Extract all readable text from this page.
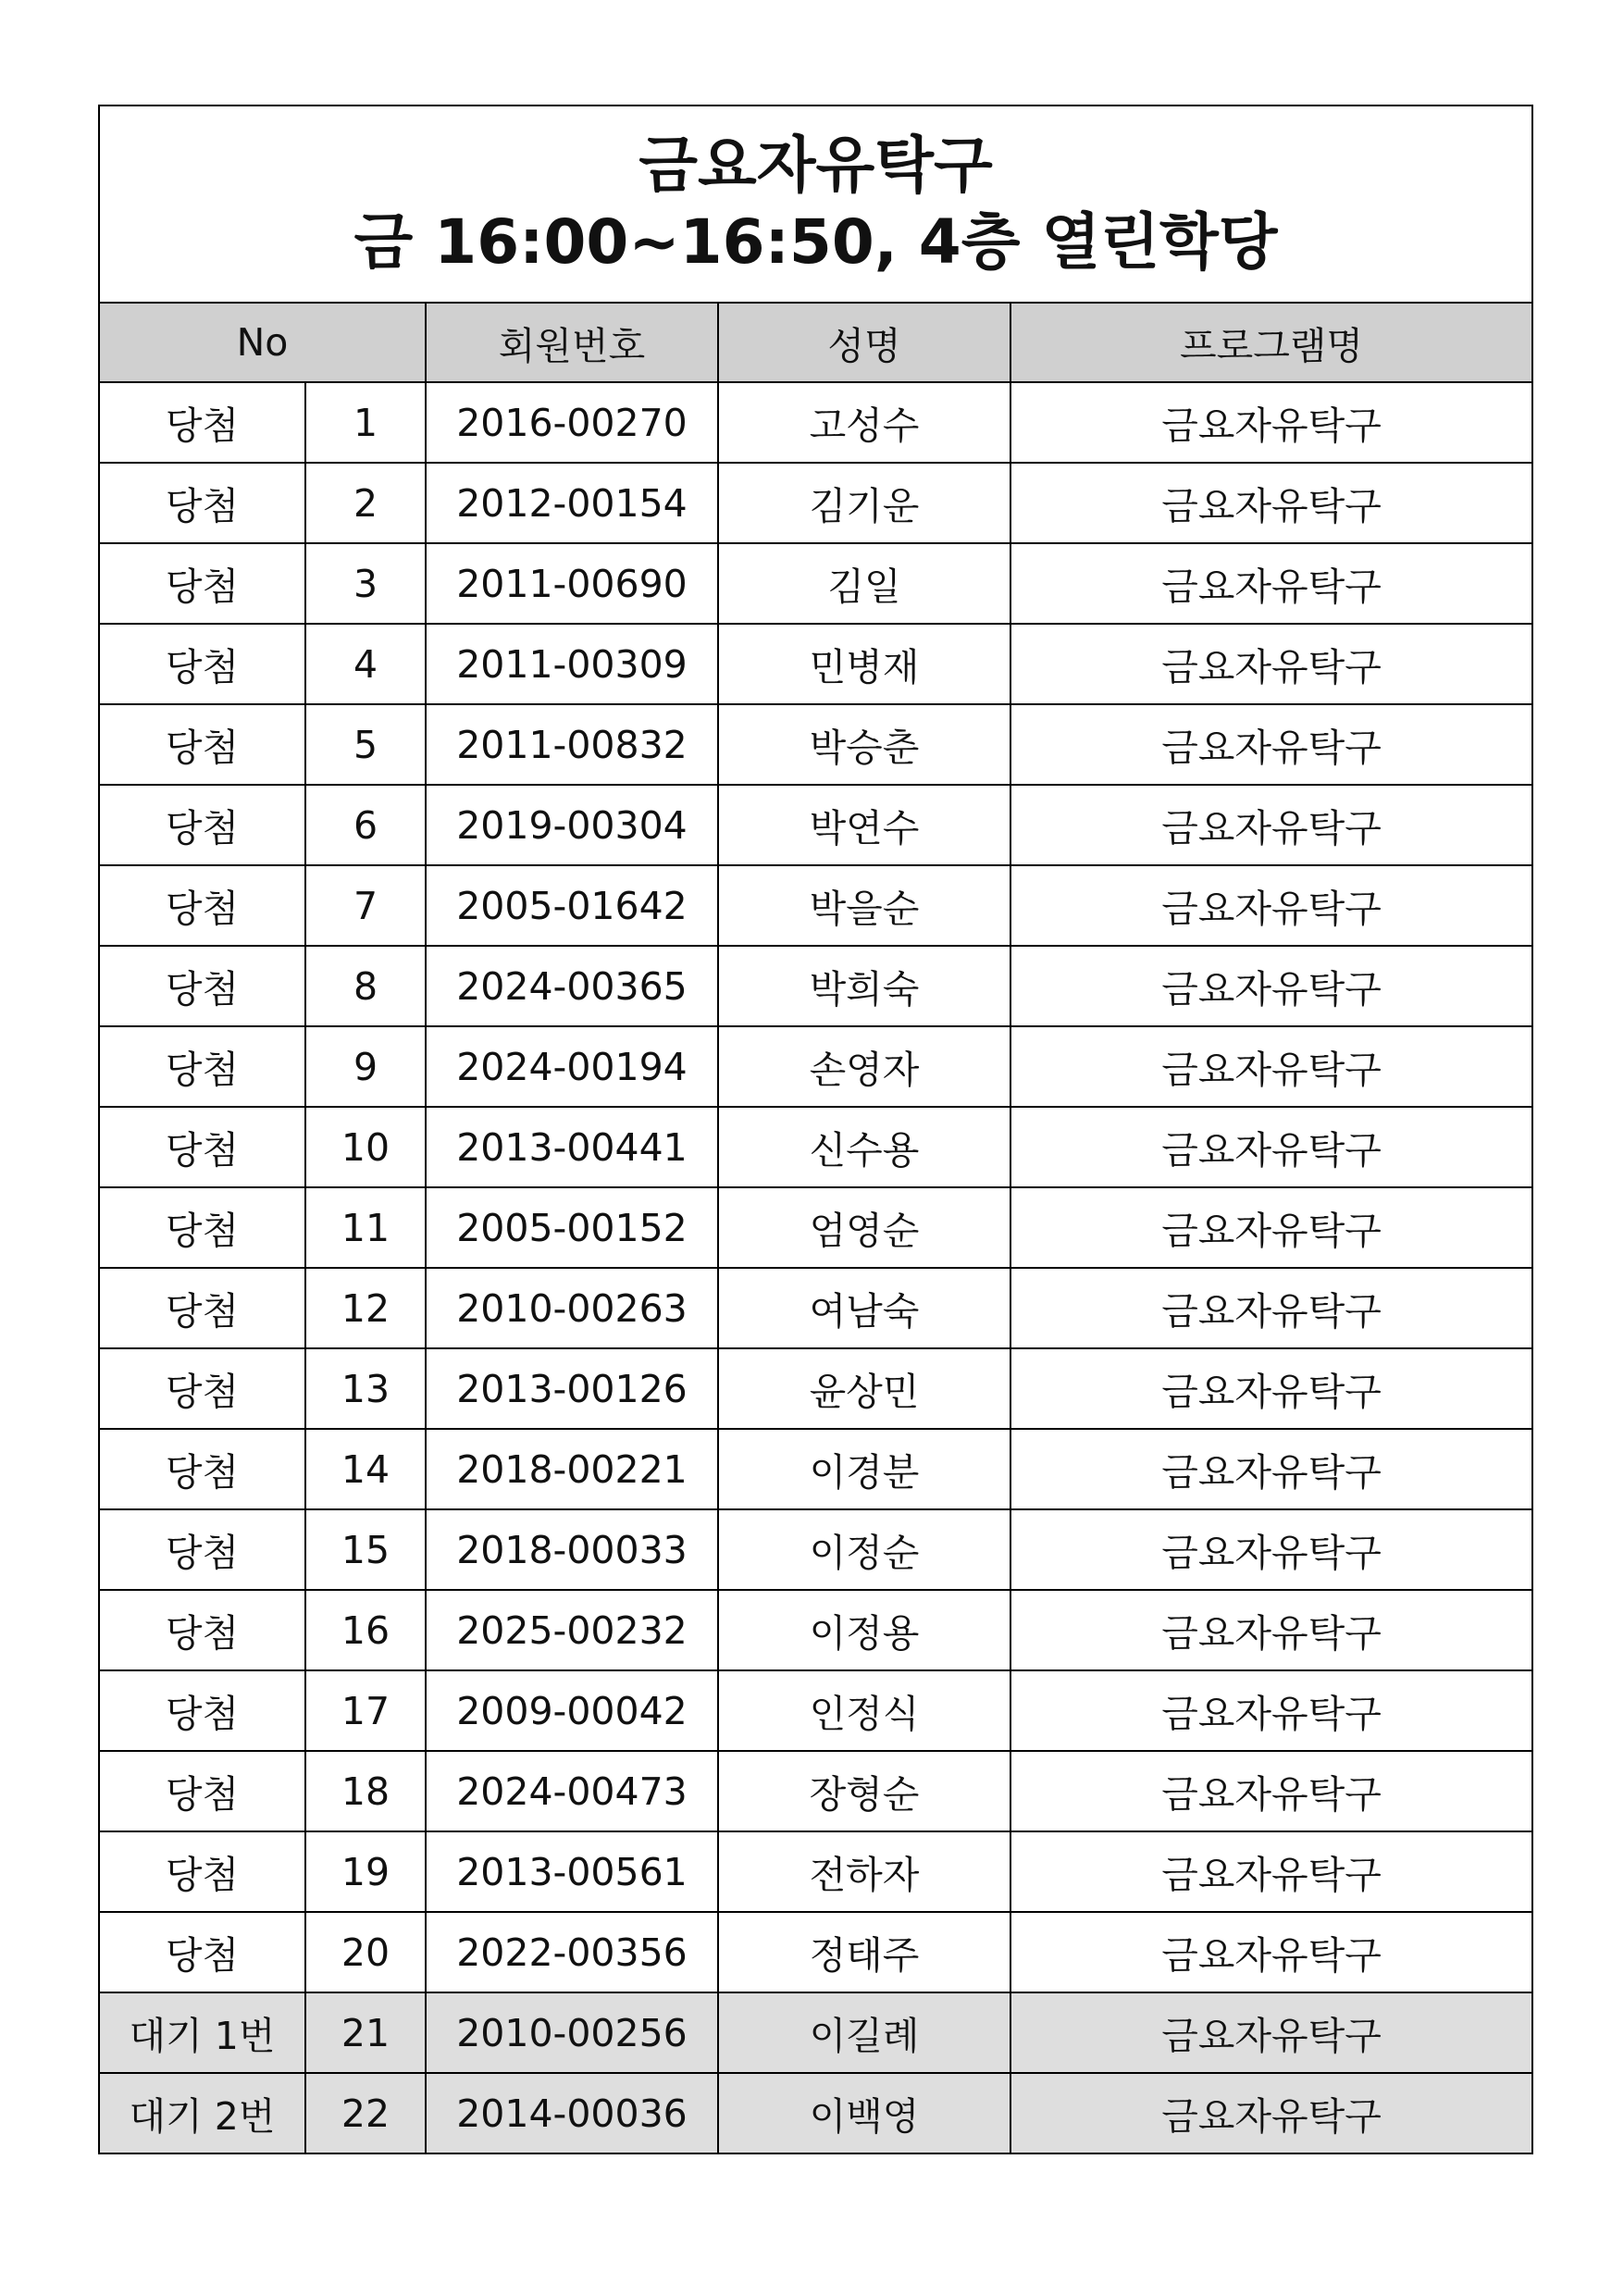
금요자유탁구
금 16:00~16:50, 4층 열린학당				

No		회원번호	성명	프로그램명
당첨	1	2016-00270	고성수	금요자유탁구
당첨	2	2012-00154	김기운	금요자유탁구
당첨	3	2011-00690	김일	금요자유탁구
당첨	4	2011-00309	민병재	금요자유탁구
당첨	5	2011-00832	박승춘	금요자유탁구
당첨	6	2019-00304	박연수	금요자유탁구
당첨	7	2005-01642	박을순	금요자유탁구
당첨	8	2024-00365	박희숙	금요자유탁구
당첨	9	2024-00194	손영자	금요자유탁구
당첨	10	2013-00441	신수용	금요자유탁구
당첨	11	2005-00152	엄영순	금요자유탁구
당첨	12	2010-00263	여남숙	금요자유탁구
당첨	13	2013-00126	윤상민	금요자유탁구
당첨	14	2018-00221	이경분	금요자유탁구
당첨	15	2018-00033	이정순	금요자유탁구
당첨	16	2025-00232	이정용	금요자유탁구
당첨	17	2009-00042	인정식	금요자유탁구
당첨	18	2024-00473	장형순	금요자유탁구
당첨	19	2013-00561	전하자	금요자유탁구
당첨	20	2022-00356	정태주	금요자유탁구
대기 1번	21	2010-00256	이길례	금요자유탁구
대기 2번	22	2014-00036	이백영	금요자유탁구
